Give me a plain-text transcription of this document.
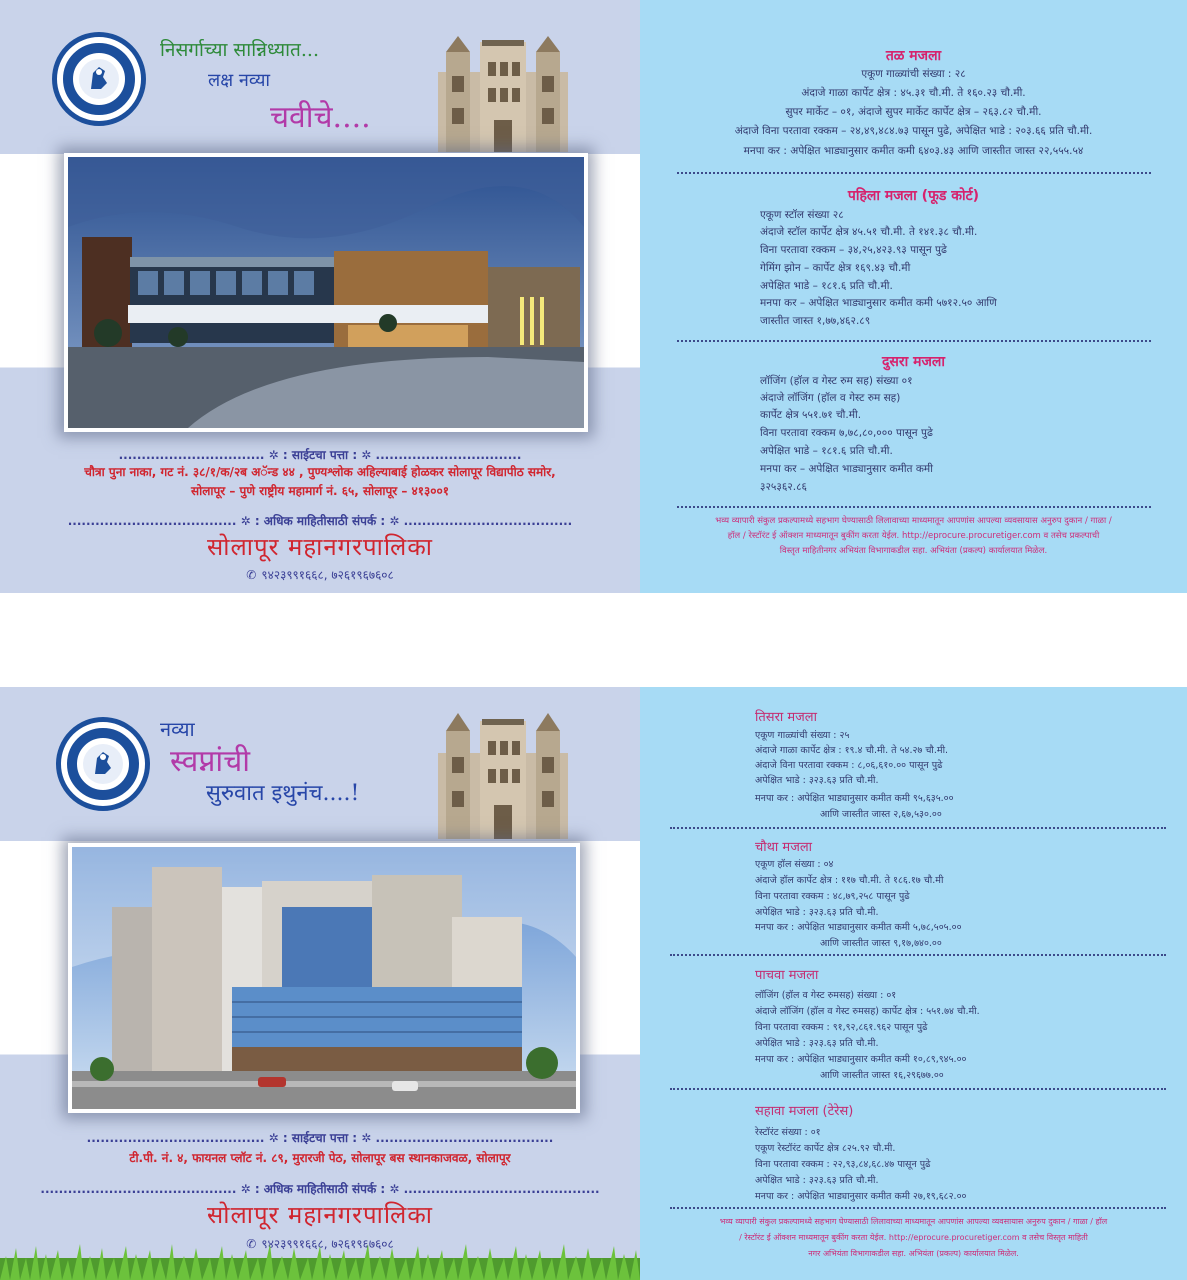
निसर्गाच्या सान्निध्यात...
लक्ष नव्या
चवीचे....
................................ ✲ : साईटचा पत्ता : ✲ ................................
चौत्रा पुना नाका, गट नं. ३८/१/क/२ब अॅन्ड ४४ , पुण्यश्लोक अहिल्याबाई होळकर सोलापूर विद्यापीठ समोर,
सोलापूर – पुणे राष्ट्रीय महामार्ग नं. ६५, सोलापूर – ४१३००१
..................................... ✲ : अधिक माहितीसाठी संपर्क : ✲ .....................................
सोलापूर महानगरपालिका
✆ ९४२३९९१६६८, ७२६१९६७६०८
तळ मजला
एकूण गाळ्यांची संख्या : २८
अंदाजे गाळा कार्पेट क्षेत्र : ४५.३१ चौ.मी. ते १६०.२३ चौ.मी.
सुपर मार्केट – ०१, अंदाजे सुपर मार्केट कार्पेट क्षेत्र – २६३.८२ चौ.मी.
अंदाजे विना परतावा रक्कम – २४,४९,४८४.७३ पासून पुढे, अपेक्षित भाडे : २०३.६६ प्रति चौ.मी.
मनपा कर : अपेक्षित भाड्यानुसार कमीत कमी ६४०३.४३ आणि जास्तीत जास्त २२,५५५.५४
पहिला मजला (फूड कोर्ट)
एकूण स्टॉल संख्या २८
अंदाजे स्टॉल कार्पेट क्षेत्र ४५.५१ चौ.मी. ते १४१.३८ चौ.मी.
विना परतावा रक्कम – ३४,२५,४२३.९३ पासून पुढे
गेमिंग झोन – कार्पेट क्षेत्र १६९.४३ चौ.मी
अपेक्षित भाडे – १८१.६ प्रति चौ.मी.
मनपा कर – अपेक्षित भाड्यानुसार कमीत कमी ५७१२.५० आणि
जास्तीत जास्त १,७७,४६२.८९
दुसरा मजला
लॉजिंग (हॉल व गेस्ट रुम सह) संख्या ०१
अंदाजे लॉजिंग (हॉल व गेस्ट रुम सह)
कार्पेट क्षेत्र ५५१.७१ चौ.मी.
विना परतावा रक्कम ७,७८,८०,००० पासून पुढे
अपेक्षित भाडे – १८१.६ प्रति चौ.मी.
मनपा कर – अपेक्षित भाड्यानुसार कमीत कमी
३२५३६२.८६
भव्य व्यापारी संकुल प्रकल्पामध्ये सहभाग घेण्यासाठी लिलावाच्या माध्यमातून आपणांस आपल्या व्यवसायास अनुरुप दुकान / गाळा /
हॉल / रेस्टॉरंट ई ऑक्शन माध्यमातून बुकींग करता येईल. http://eprocure.procuretiger.com व तसेच प्रकल्पाची
विस्तृत माहितीनगर अभियंता विभागाकडील सहा. अभियंता (प्रकल्प) कार्यालयात मिळेल.
नव्या
स्वप्नांची
सुरुवात इथुनंच....!
....................................... ✲ : साईटचा पत्ता : ✲ .......................................
टी.पी. नं. ४, फायनल प्लॉट नं. ८९, मुरारजी पेठ, सोलापूर बस स्थानकाजवळ, सोलापूर
........................................... ✲ : अधिक माहितीसाठी संपर्क : ✲ ...........................................
सोलापूर महानगरपालिका
✆ ९४२३९९१६६८, ७२६१९६७६०८
तिसरा मजला
एकूण गाळ्यांची संख्या : २५
अंदाजे गाळा कार्पेट क्षेत्र : १९.४ चौ.मी. ते ५४.२७ चौ.मी.
अंदाजे विना परतावा रक्कम : ८,०६,६१०.०० पासून पुढे
अपेक्षित भाडे : ३२३.६३ प्रति चौ.मी.
मनपा कर : अपेक्षित भाड्यानुसार कमीत कमी ९५,६३५.००
आणि जास्तीत जास्त २,६७,५३०.००
चौथा मजला
एकूण हॉल संख्या : ०४
अंदाजे हॉल कार्पेट क्षेत्र : ११७ चौ.मी. ते १८६.१७ चौ.मी
विना परतावा रक्कम : ४८,७९,२५८ पासून पुढे
अपेक्षित भाडे : ३२३.६३ प्रति चौ.मी.
मनपा कर : अपेक्षित भाड्यानुसार कमीत कमी ५,७८,५०५.००
आणि जास्तीत जास्त ९,१७,७४०.००
पाचवा मजला
लॉजिंग (हॉल व गेस्ट रुमसह) संख्या : ०१
अंदाजे लॉजिंग (हॉल व गेस्ट रुमसह) कार्पेट क्षेत्र : ५५१.७४ चौ.मी.
विना परतावा रक्कम : ९१,९२,८६१.९६२ पासून पुढे
अपेक्षित भाडे : ३२३.६३ प्रति चौ.मी.
मनपा कर : अपेक्षित भाड्यानुसार कमीत कमी १०,८९,९४५.००
आणि जास्तीत जास्त १६,२९६७७.००
सहावा मजला (टेरेस)
रेस्टॉरंट संख्या : ०१
एकूण रेस्टॉरंट कार्पेट क्षेत्र ८२५.९२ चौ.मी.
विना परतावा रक्कम : २२,९३,८४,६८.४७ पासून पुढे
अपेक्षित भाडे : ३२३.६३ प्रति चौ.मी.
मनपा कर : अपेक्षित भाड्यानुसार कमीत कमी २७,१९,६८२.००
भव्य व्यापारी संकुल प्रकल्पामध्ये सहभाग घेण्यासाठी लिलावाच्या माध्यमातून आपणांस आपल्या व्यवसायास अनुरुप दुकान / गाळा / हॉल
/ रेस्टॉरंट ई ऑक्शन माध्यमातून बुकींग करता येईल. http://eprocure.procuretiger.com व तसेच विस्तृत माहिती
नगर अभियंता विभागाकडील सहा. अभियंता (प्रकल्प) कार्यालयात मिळेल.
